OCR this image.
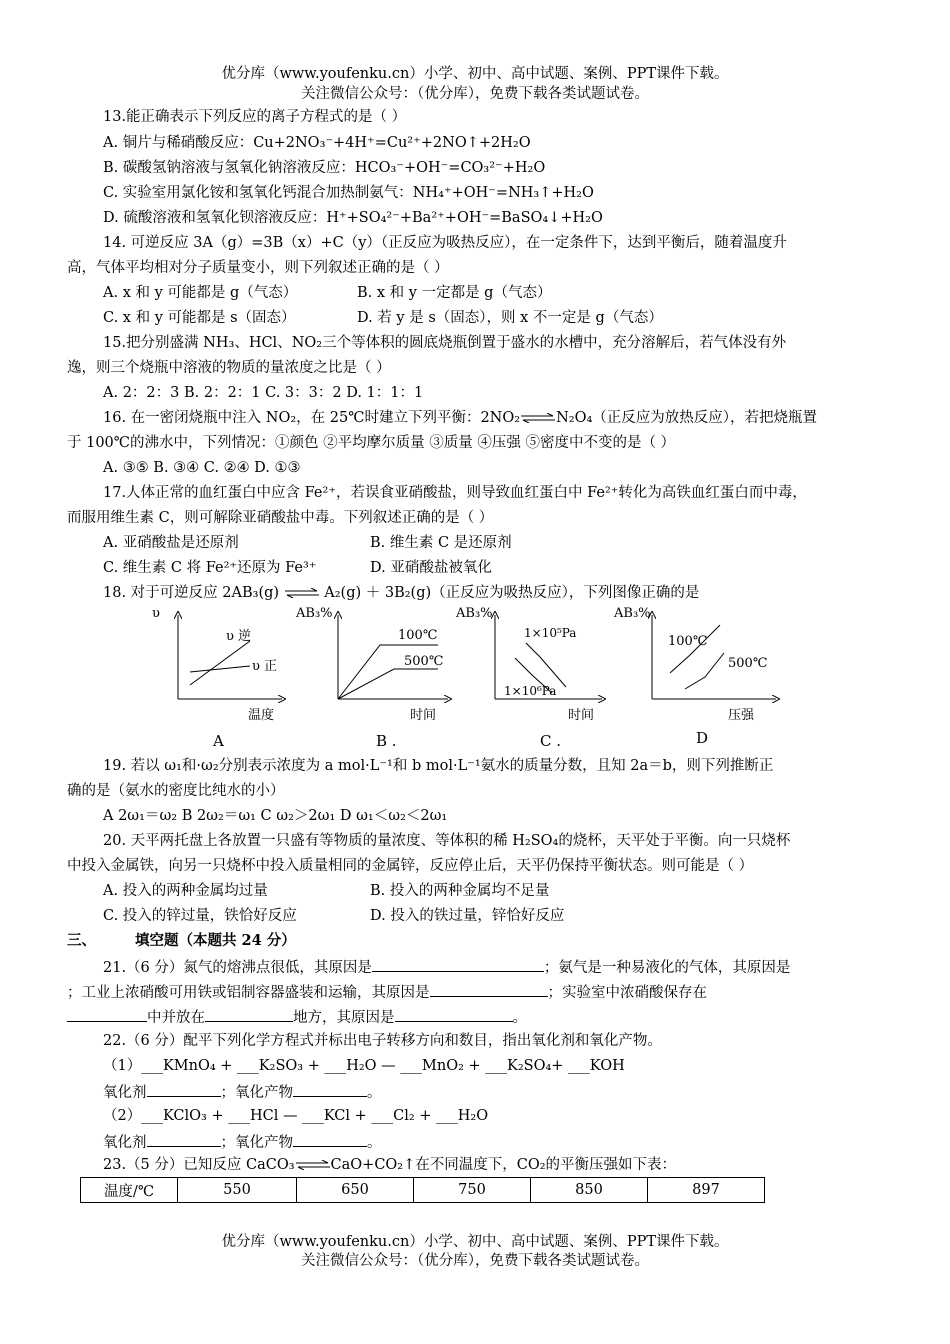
优分库（www.youfenku.cn）小学、初中、高中试题、案例、PPT课件下载。
关注微信公众号：（优分库），免费下载各类试题试卷。
13.能正确表示下列反应的离子方程式的是（ ）
A. 铜片与稀硝酸反应：Cu+2NO₃⁻+4H⁺=Cu²⁺+2NO↑+2H₂O
B. 碳酸氢钠溶液与氢氧化钠溶液反应：HCO₃⁻+OH⁻=CO₃²⁻+H₂O
C. 实验室用氯化铵和氢氧化钙混合加热制氨气：NH₄⁺+OH⁻=NH₃↑+H₂O
D. 硫酸溶液和氢氧化钡溶液反应：H⁺+SO₄²⁻+Ba²⁺+OH⁻=BaSO₄↓+H₂O
14. 可逆反应 3A（g）=3B（x）+C（y）（正反应为吸热反应），在一定条件下，达到平衡后，随着温度升
高，气体平均相对分子质量变小，则下列叙述正确的是（ ）
A. x 和 y 可能都是 g（气态）	B. x 和 y 一定都是 g（气态）
C. x 和 y 可能都是 s（固态）	D. 若 y 是 s（固态），则 x 不一定是 g（气态）
15.把分别盛满 NH₃、HCl、NO₂三个等体积的圆底烧瓶倒置于盛水的水槽中，充分溶解后，若气体没有外
逸，则三个烧瓶中溶液的物质的量浓度之比是（ ）
A. 2：2：3 B. 2：2：1 C. 3：3：2 D. 1：1：1
16. 在一密闭烧瓶中注入 NO₂，在 25℃时建立下列平衡：2NO₂⇌N₂O₄（正反应为放热反应），若把烧瓶置
于 100℃的沸水中，下列情况：①颜色 ②平均摩尔质量 ③质量 ④压强 ⑤密度中不变的是（ ）
A. ③⑤ B. ③④ C. ②④ D. ①③
17.人体正常的血红蛋白中应含 Fe²⁺，若误食亚硝酸盐，则导致血红蛋白中 Fe²⁺转化为高铁血红蛋白而中毒，
而服用维生素 C，则可解除亚硝酸盐中毒。下列叙述正确的是（ ）
A. 亚硝酸盐是还原剂	B. 维生素 C 是还原剂
C. 维生素 C 将 Fe²⁺还原为 Fe³⁺	D. 亚硝酸盐被氧化
18. 对于可逆反应 2AB₃(g) ⇌ A₂(g) ＋ 3B₂(g)（正反应为吸热反应），下列图像正确的是
υ
温度
υ 逆
υ 正
A
AB₃%
时间
100℃
500℃
B .
AB₃%
时间
1×10⁵Pa
1×10⁶Pa
C .
AB₃%
压强
100℃
500℃
D
19. 若以 ω₁和·ω₂分别表示浓度为 a mol·L⁻¹和 b mol·L⁻¹氨水的质量分数，且知 2a＝b，则下列推断正
确的是（氨水的密度比纯水的小）
A 2ω₁＝ω₂ B 2ω₂＝ω₁ C ω₂＞2ω₁ D ω₁＜ω₂＜2ω₁
20. 天平两托盘上各放置一只盛有等物质的量浓度、等体积的稀 H₂SO₄的烧杯，天平处于平衡。向一只烧杯
中投入金属铁，向另一只烧杯中投入质量相同的金属锌，反应停止后，天平仍保持平衡状态。则可能是（ ）
A. 投入的两种金属均过量	B. 投入的两种金属均不足量
C. 投入的锌过量，铁恰好反应	D. 投入的铁过量，锌恰好反应
三、	填空题（本题共 24 分）
21.（6 分）氮气的熔沸点很低，其原因是	；氨气是一种易液化的气体，其原因是
；工业上浓硝酸可用铁或铝制容器盛装和运输，其原因是	；实验室中浓硝酸保存在
中并放在	地方，其原因是	。
22.（6 分）配平下列化学方程式并标出电子转移方向和数目，指出氧化剂和氧化产物。
（1）___KMnO₄ + ___K₂SO₃ + ___H₂O — ___MnO₂ + ___K₂SO₄+ ___KOH
氧化剂	；氧化产物	。
（2）___KClO₃ + ___HCl — ___KCl + ___Cl₂ + ___H₂O
氧化剂	；氧化产物	。
23.（5 分）已知反应 CaCO₃⇌CaO+CO₂↑在不同温度下，CO₂的平衡压强如下表：
温度/℃	550	650	750	850	897
优分库（www.youfenku.cn）小学、初中、高中试题、案例、PPT课件下载。
关注微信公众号：（优分库），免费下载各类试题试卷。
